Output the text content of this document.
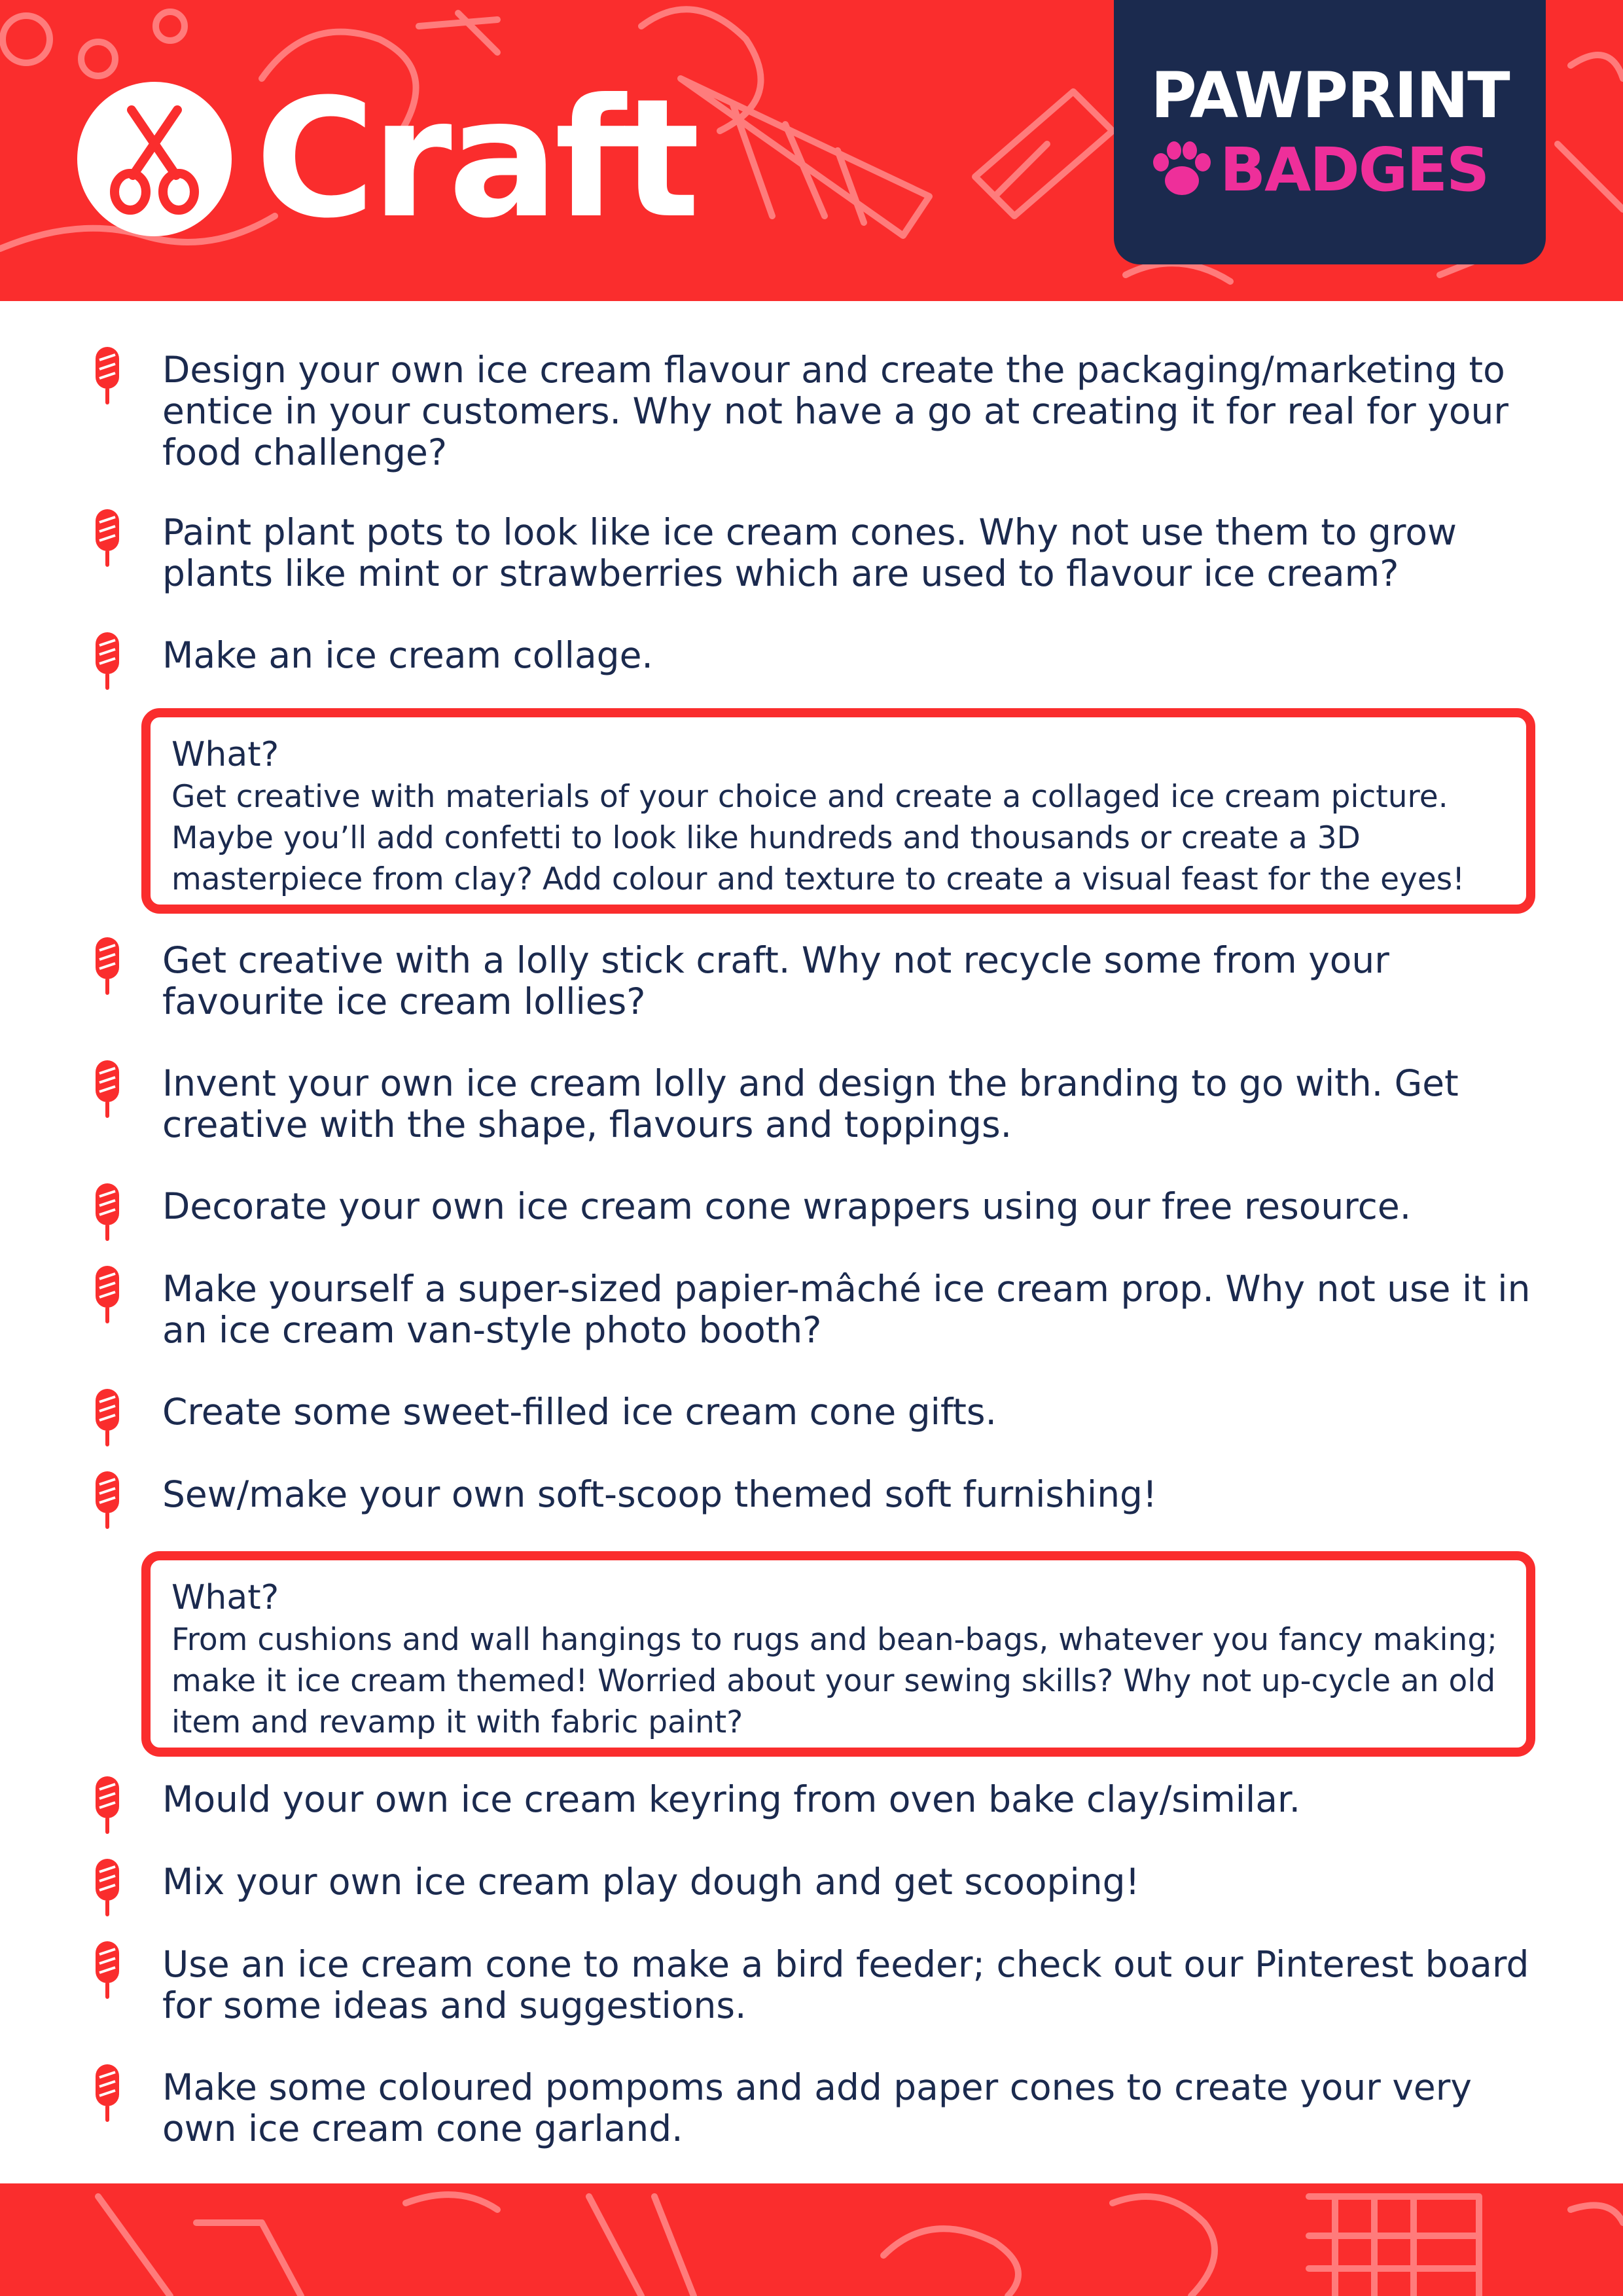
Craft	PAWPRINT
BADGES
Design your own ice cream flavour and create the packaging/marketing to entice in your customers. Why not have a go at creating it for real for your food challenge?
Paint plant pots to look like ice cream cones. Why not use them to grow plants like mint or strawberries which are used to flavour ice cream?
Make an ice cream collage.
Get creative with a lolly stick craft. Why not recycle some from your favourite ice cream lollies?
Invent your own ice cream lolly and design the branding to go with. Get creative with the shape, flavours and toppings.
Decorate your own ice cream cone wrappers using our free resource.
Make yourself a super-sized papier-mâché ice cream prop. Why not use it in an ice cream van-style photo booth?
Create some sweet-filled ice cream cone gifts.
Sew/make your own soft-scoop themed soft furnishing!
Mould your own ice cream keyring from oven bake clay/similar.
Mix your own ice cream play dough and get scooping!
Use an ice cream cone to make a bird feeder; check out our Pinterest board for some ideas and suggestions.
Make some coloured pompoms and add paper cones to create your very own ice cream cone garland.
What?
Get creative with materials of your choice and create a collaged ice cream picture. Maybe you’ll add confetti to look like hundreds and thousands or create a 3D masterpiece from clay? Add colour and texture to create a visual feast for the eyes!
What?
From cushions and wall hangings to rugs and bean-bags, whatever you fancy making; make it ice cream themed! Worried about your sewing skills? Why not up-cycle an old item and revamp it with fabric paint?
